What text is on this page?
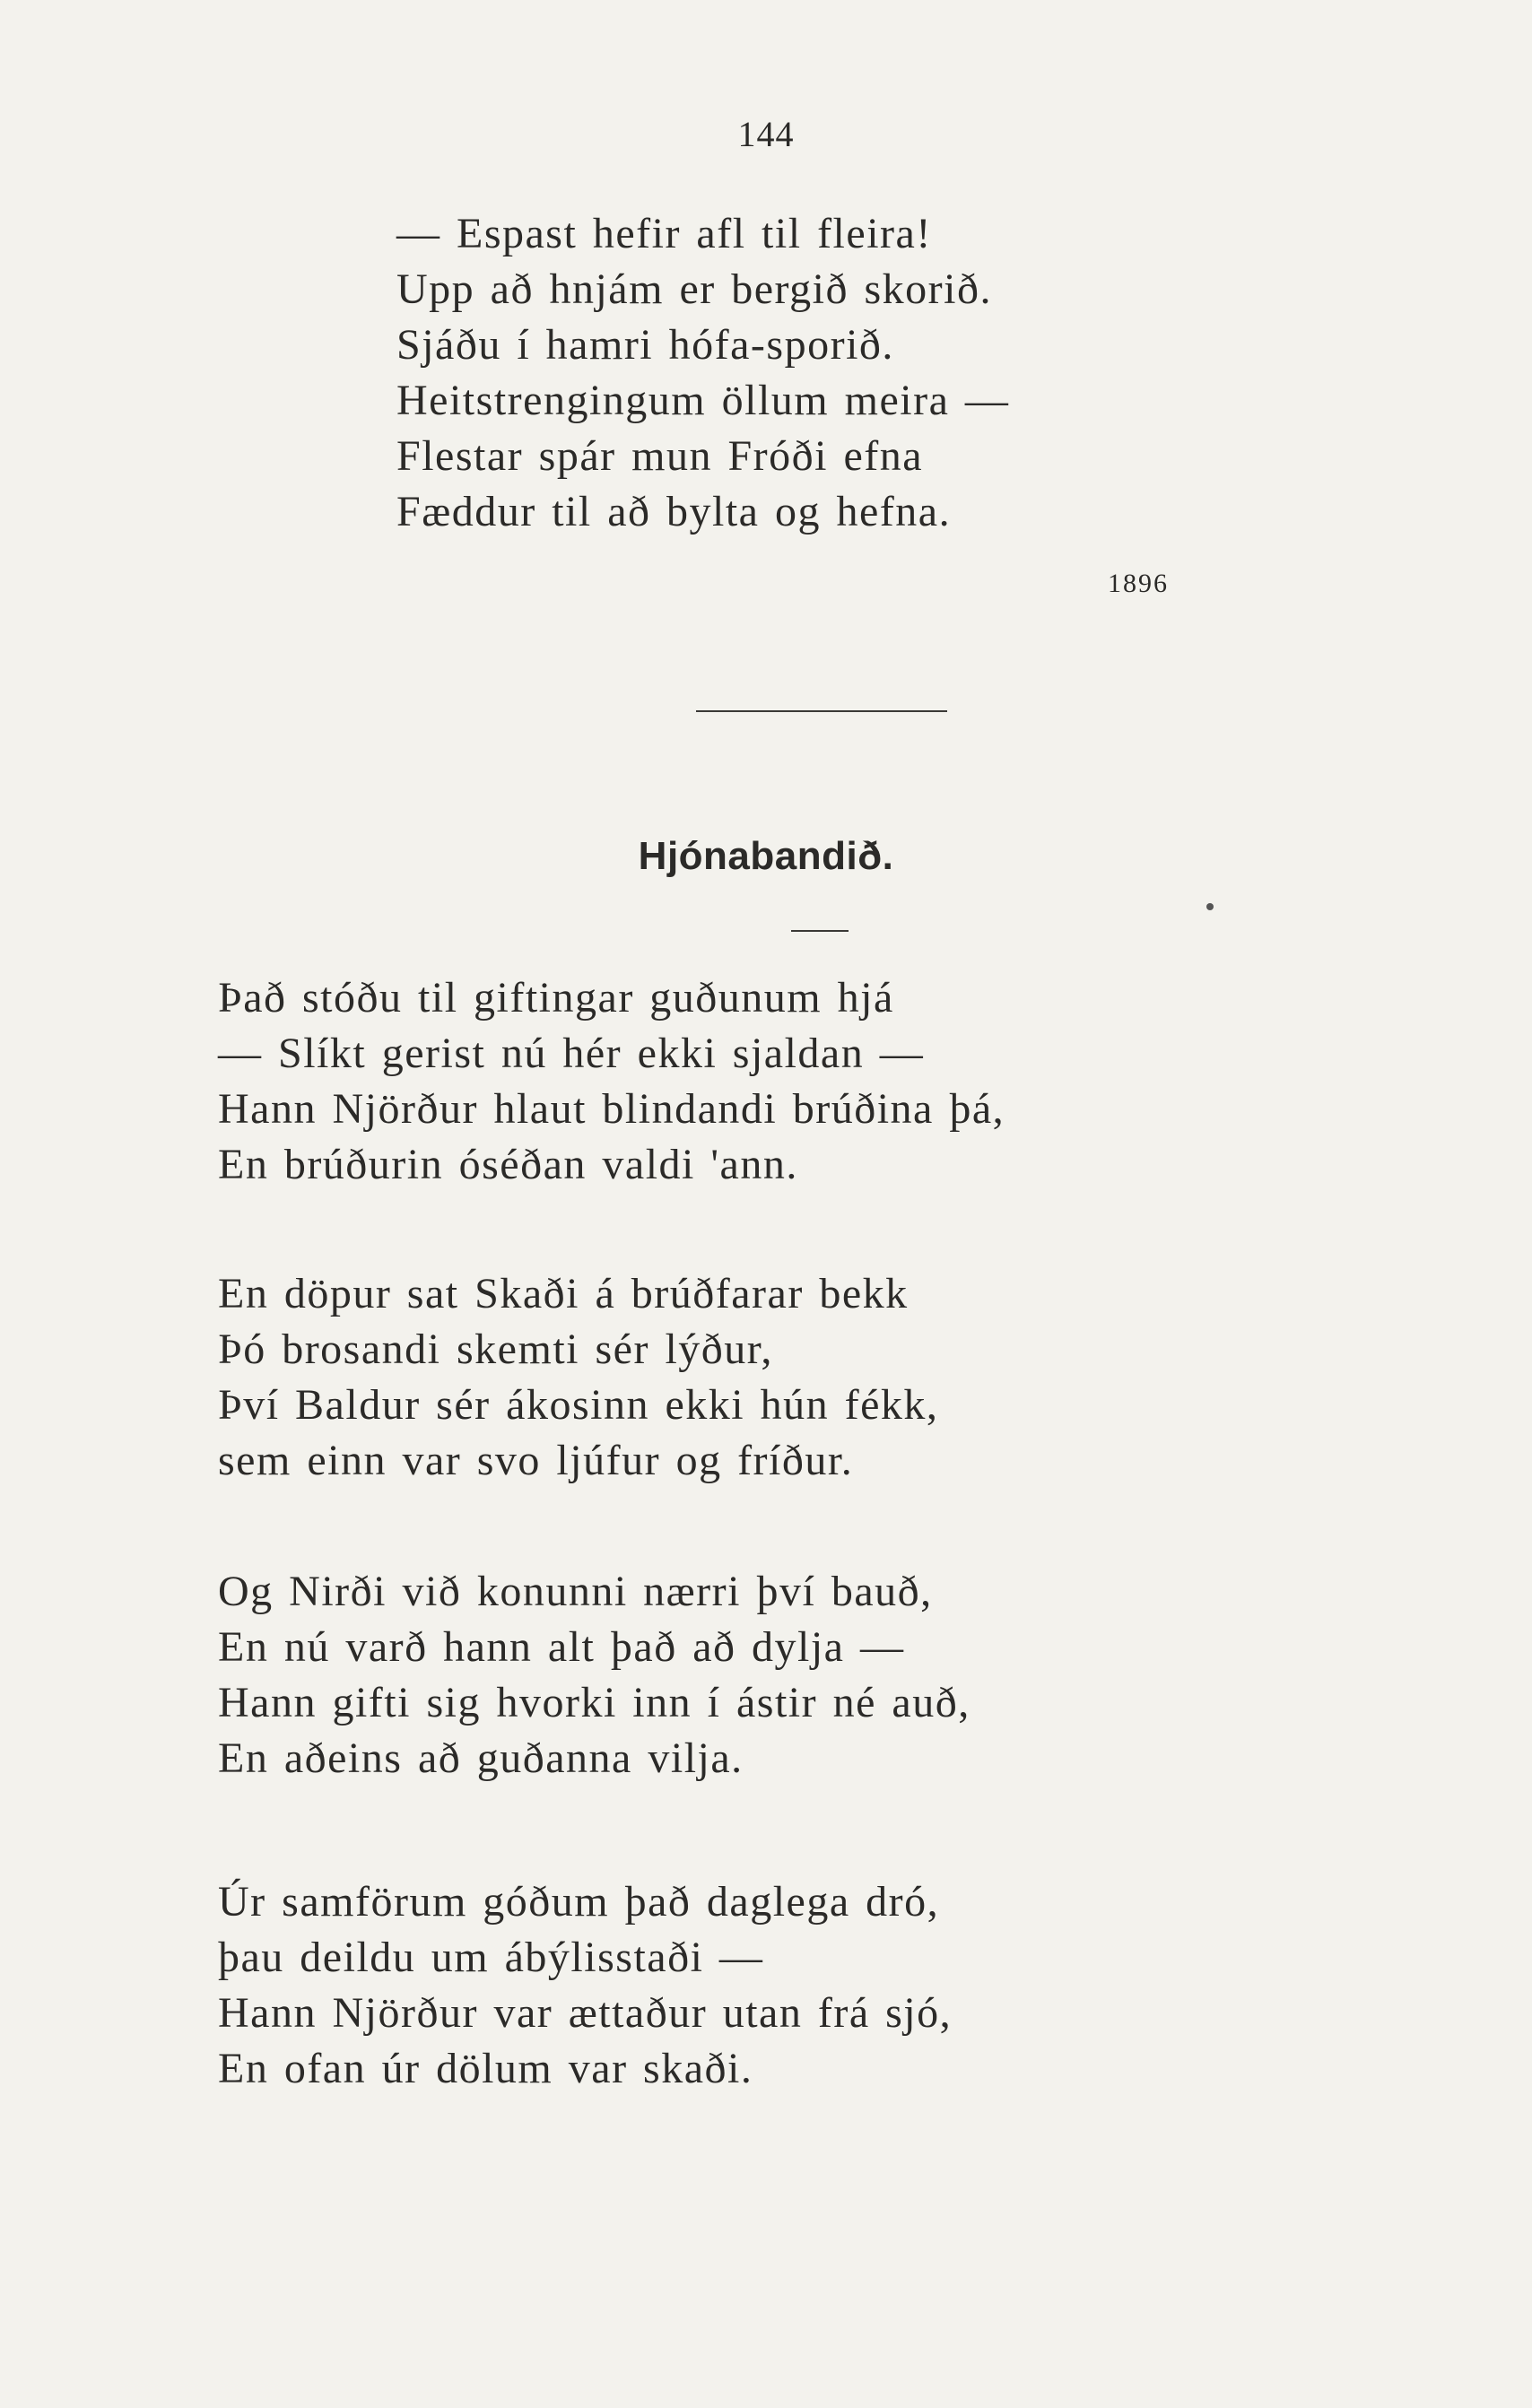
144
— Espast hefir afl til fleira!
Upp að hnjám er bergið skorið.
Sjáðu í hamri hófa-sporið.
Heitstrengingum öllum meira —
Flestar spár mun Fróði efna
Fæddur til að bylta og hefna.
1896
Hjónabandið.
Það stóðu til giftingar guðunum hjá
— Slíkt gerist nú hér ekki sjaldan —
Hann Njörður hlaut blindandi brúðina þá,
En brúðurin óséðan valdi 'ann.
En döpur sat Skaði á brúðfarar bekk
Þó brosandi skemti sér lýður,
Því Baldur sér ákosinn ekki hún fékk,
sem einn var svo ljúfur og fríður.
Og Nirði við konunni nærri því bauð,
En nú varð hann alt það að dylja —
Hann gifti sig hvorki inn í ástir né auð,
En aðeins að guðanna vilja.
Úr samförum góðum það daglega dró,
þau deildu um ábýlisstaði —
Hann Njörður var ættaður utan frá sjó,
En ofan úr dölum var skaði.
